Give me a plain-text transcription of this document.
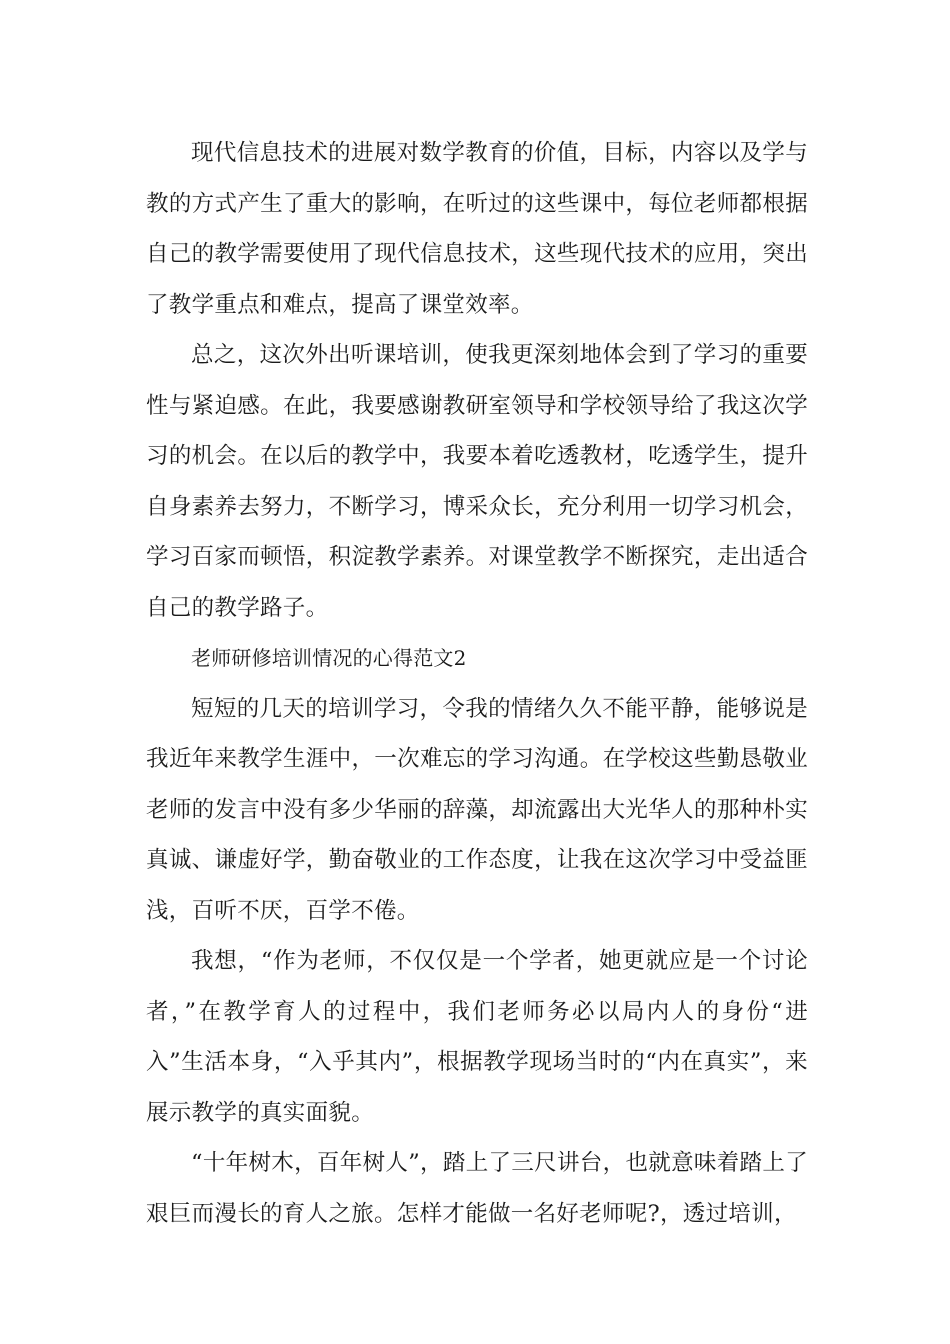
现代信息技术的进展对数学教育的价值，目标，内容以及学与教的方式产生了重大的影响，在听过的这些课中，每位老师都根据自己的教学需要使用了现代信息技术，这些现代技术的应用，突出了教学重点和难点，提高了课堂效率。

总之，这次外出听课培训，使我更深刻地体会到了学习的重要性与紧迫感。在此，我要感谢教研室领导和学校领导给了我这次学习的机会。在以后的教学中，我要本着吃透教材，吃透学生，提升自身素养去努力，不断学习，博采众长，充分利用一切学习机会，学习百家而顿悟，积淀教学素养。对课堂教学不断探究，走出适合自己的教学路子。

老师研修培训情况的心得范文2

短短的几天的培训学习，令我的情绪久久不能平静，能够说是我近年来教学生涯中，一次难忘的学习沟通。在学校这些勤恳敬业老师的发言中没有多少华丽的辞藻，却流露出大光华人的那种朴实真诚、谦虚好学，勤奋敬业的工作态度，让我在这次学习中受益匪浅，百听不厌，百学不倦。

我想，“作为老师，不仅仅是一个学者，她更就应是一个讨论者，”在教学育人的过程中，我们老师务必以局内人的身份“进入”生活本身，“入乎其内”，根据教学现场当时的“内在真实”，来展示教学的真实面貌。

“十年树木，百年树人”，踏上了三尺讲台，也就意味着踏上了艰巨而漫长的育人之旅。怎样才能做一名好老师呢?，透过培训，
